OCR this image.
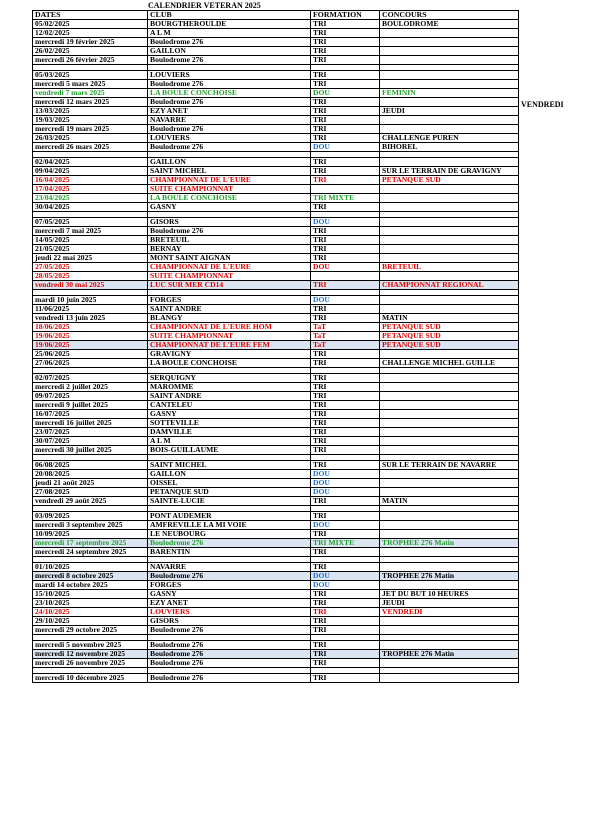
CALENDRIER VETERAN 2025
VENDREDI
DATES	CLUB	FORMATION	CONCOURS
05/02/2025	BOURGTHEROULDE	TRI	BOULODROME
12/02/2025	A L M	TRI	
mercredi 19 février 2025	Boulodrome 276	TRI	
26/02/2025	GAILLON	TRI	
mercredi 26 février 2025	Boulodrome 276	TRI	

05/03/2025	LOUVIERS	TRI	
mercredi 5 mars 2025	Boulodrome 276	TRI	
vendredi 7 mars 2025	LA BOULE CONCHOISE	DOU	FEMININ
mercredi 12 mars 2025	Boulodrome 276	TRI	
13/03/2025	EZY ANET	TRI	JEUDI
19/03/2025	NAVARRE	TRI	
mercredi 19 mars 2025	Boulodrome 276	TRI	
26/03/2025	LOUVIERS	TRI	CHALLENGE PUREN
mercredi 26 mars 2025	Boulodrome 276	DOU	BIHOREL

02/04/2025	GAILLON	TRI	
09/04/2025	SAINT MICHEL	TRI	SUR LE TERRAIN DE GRAVIGNY
16/04/2025	CHAMPIONNAT DE L'EURE	TRI	PETANQUE SUD
17/04/2025	SUITE CHAMPIONNAT		
23/04/2025	LA BOULE CONCHOISE	TRI MIXTE	
30/04/2025	GASNY	TRI	

07/05/2025	GISORS	DOU	
mercredi 7 mai 2025	Boulodrome 276	TRI	
14/05/2025	BRETEUIL	TRI	
21/05/2025	BERNAY	TRI	
jeudi 22 mai 2025	MONT SAINT AIGNAN	TRI	
27/05/2025	CHAMPIONNAT DE L'EURE	DOU	BRETEUIL
28/05/2025	SUITE CHAMPIONNAT		
vendredi 30 mai 2025	LUC SUR MER CD14	TRI	CHAMPIONNAT REGIONAL

mardi 10 juin 2025	FORGES	DOU	
11/06/2025	SAINT ANDRE	TRI	
vendredi 13 juin 2025	BLANGY	TRI	MATIN
18/06/2025	CHAMPIONNAT DE L'EURE HOM	TaT	PETANQUE SUD
19/06/2025	SUITE CHAMPIONNAT	TaT	PETANQUE SUD
19/06/2025	CHAMPIONNAT DE L'EURE FEM	TaT	PETANQUE SUD
25/06/2025	GRAVIGNY	TRI	
27/06/2025	LA BOULE CONCHOISE	TRI	CHALLENGE MICHEL GUILLE

02/07/2025	SERQUIGNY	TRI	
mercredi 2 juillet 2025	MAROMME	TRI	
09/07/2025	SAINT ANDRE	TRI	
mercredi 9 juillet 2025	CANTELEU	TRI	
16/07/2025	GASNY	TRI	
mercredi 16 juillet 2025	SOTTEVILLE	TRI	
23/07/2025	DAMVILLE	TRI	
30/07/2025	A L M	TRI	
mercredi 30 juillet 2025	BOIS-GUILLAUME	TRI	

06/08/2025	SAINT MICHEL	TRI	SUR LE TERRAIN DE NAVARRE
20/08/2025	GAILLON	DOU	
jeudi 21 août 2025	OISSEL	DOU	
27/08/2025	PETANQUE SUD	DOU	
vendredi 29 août 2025	SAINTE-LUCIE	TRI	MATIN

03/09/2025	PONT AUDEMER	TRI	
mercredi 3 septembre 2025	AMFREVILLE LA MI VOIE	DOU	
10/09/2025	LE NEUBOURG	TRI	
mercredi 17 septembre 2025	Boulodrome 276	TRI MIXTE	TROPHEE 276 Matin
mercredi 24 septembre 2025	BARENTIN	TRI	

01/10/2025	NAVARRE	TRI	
mercredi 8 octobre 2025	Boulodrome 276	DOU	TROPHEE 276 Matin
mardi 14 octobre 2025	FORGES	DOU	
15/10/2025	GASNY	TRI	JET DU BUT 10 HEURES
23/10/2025	EZY ANET	TRI	JEUDI
24/10/2025	LOUVIERS	TRI	VENDREDI
29/10/2025	GISORS	TRI	
mercredi 29 octobre 2025	Boulodrome 276	TRI	

mercredi 5 novembre 2025	Boulodrome 276	TRI	
mercredi 12 novembre 2025	Boulodrome 276	TRI	TROPHEE 276 Matin
mercredi 26 novembre 2025	Boulodrome 276	TRI	

mercredi 10 décembre 2025	Boulodrome 276	TRI	
